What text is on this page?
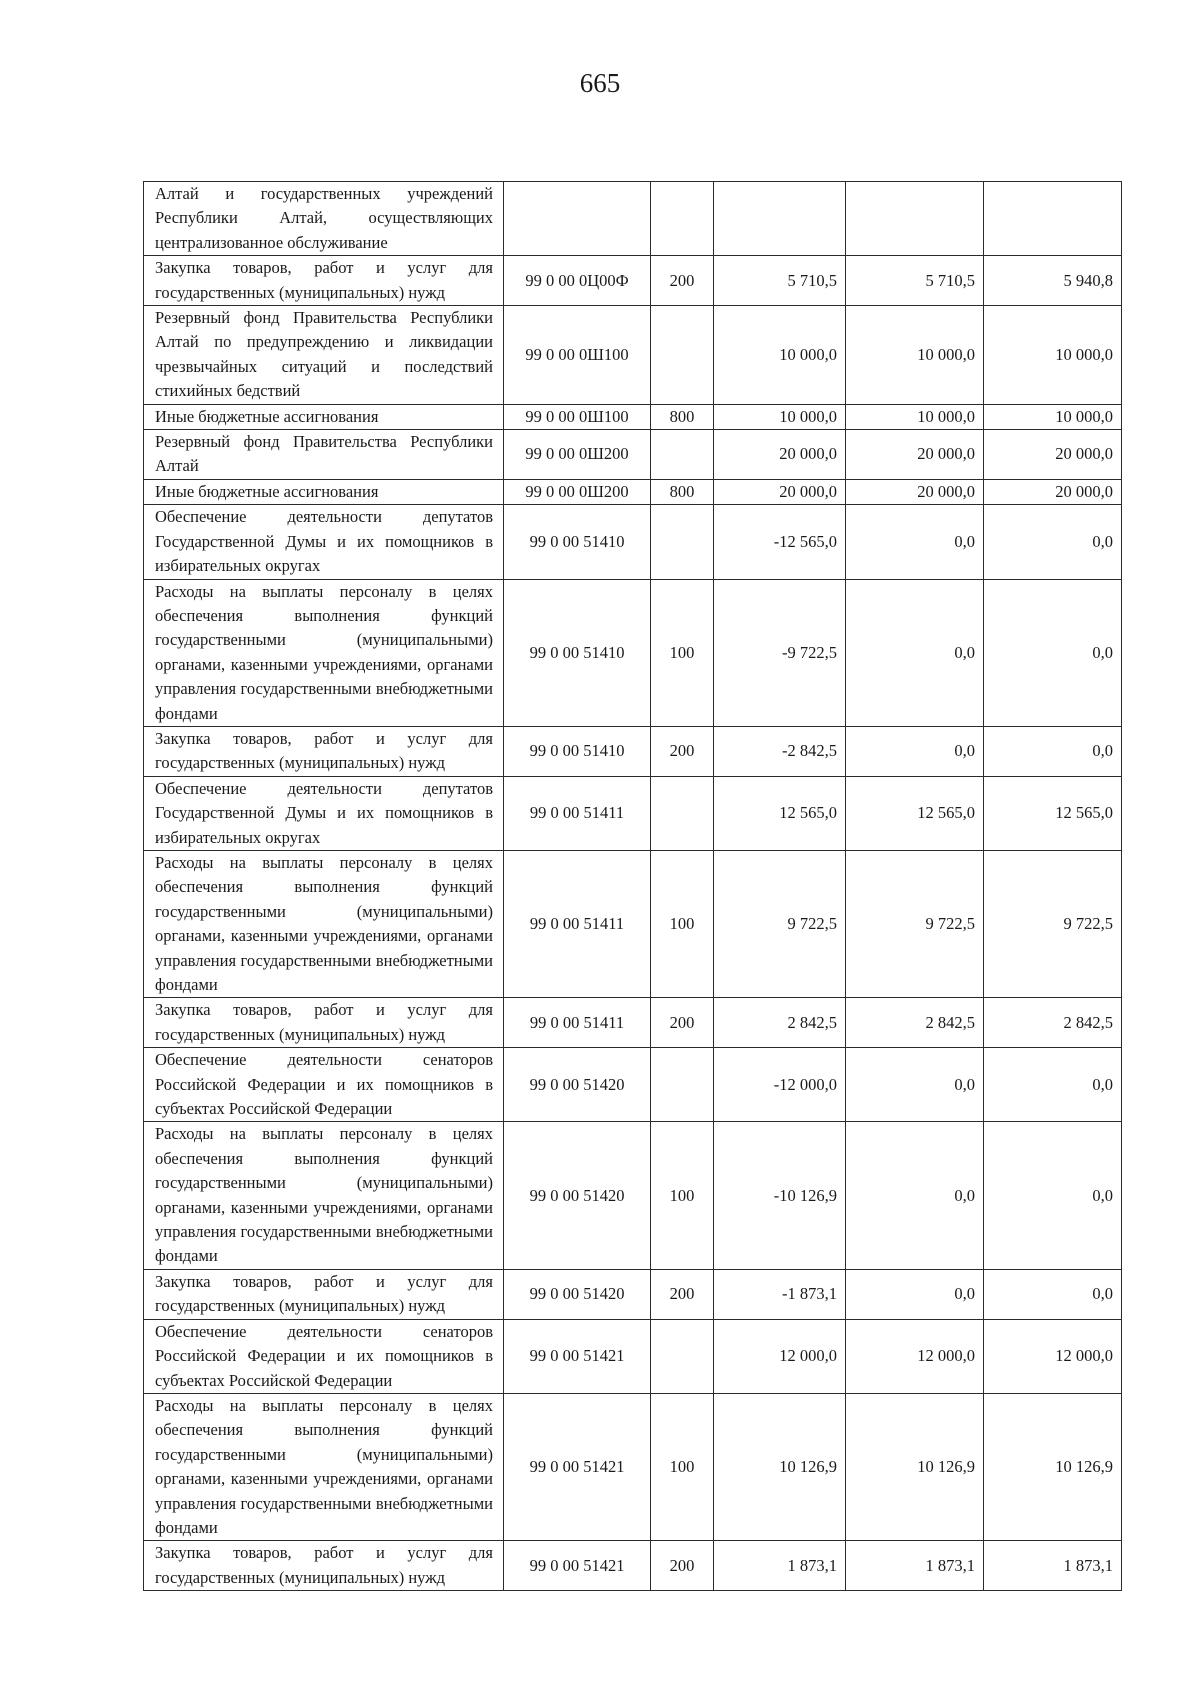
665
Алтай и государственных учреждений Республики Алтай, осуществляющих централизованное обслуживание					
Закупка товаров, работ и услуг для государственных (муниципальных) нужд	99 0 00 0Ц00Ф	200	5 710,5	5 710,5	5 940,8
Резервный фонд Правительства Республики Алтай по предупреждению и ликвидации чрезвычайных ситуаций и последствий стихийных бедствий	99 0 00 0Ш100		10 000,0	10 000,0	10 000,0
Иные бюджетные ассигнования	99 0 00 0Ш100	800	10 000,0	10 000,0	10 000,0
Резервный фонд Правительства Республики Алтай	99 0 00 0Ш200		20 000,0	20 000,0	20 000,0
Иные бюджетные ассигнования	99 0 00 0Ш200	800	20 000,0	20 000,0	20 000,0
Обеспечение деятельности депутатов Государственной Думы и их помощников в избирательных округах	99 0 00 51410		-12 565,0	0,0	0,0
Расходы на выплаты персоналу в целях обеспечения выполнения функций государственными (муниципальными) органами, казенными учреждениями, органами управления государственными внебюджетными фондами	99 0 00 51410	100	-9 722,5	0,0	0,0
Закупка товаров, работ и услуг для государственных (муниципальных) нужд	99 0 00 51410	200	-2 842,5	0,0	0,0
Обеспечение деятельности депутатов Государственной Думы и их помощников в избирательных округах	99 0 00 51411		12 565,0	12 565,0	12 565,0
Расходы на выплаты персоналу в целях обеспечения выполнения функций государственными (муниципальными) органами, казенными учреждениями, органами управления государственными внебюджетными фондами	99 0 00 51411	100	9 722,5	9 722,5	9 722,5
Закупка товаров, работ и услуг для государственных (муниципальных) нужд	99 0 00 51411	200	2 842,5	2 842,5	2 842,5
Обеспечение деятельности сенаторов Российской Федерации и их помощников в субъектах Российской Федерации	99 0 00 51420		-12 000,0	0,0	0,0
Расходы на выплаты персоналу в целях обеспечения выполнения функций государственными (муниципальными) органами, казенными учреждениями, органами управления государственными внебюджетными фондами	99 0 00 51420	100	-10 126,9	0,0	0,0
Закупка товаров, работ и услуг для государственных (муниципальных) нужд	99 0 00 51420	200	-1 873,1	0,0	0,0
Обеспечение деятельности сенаторов Российской Федерации и их помощников в субъектах Российской Федерации	99 0 00 51421		12 000,0	12 000,0	12 000,0
Расходы на выплаты персоналу в целях обеспечения выполнения функций государственными (муниципальными) органами, казенными учреждениями, органами управления государственными внебюджетными фондами	99 0 00 51421	100	10 126,9	10 126,9	10 126,9
Закупка товаров, работ и услуг для государственных (муниципальных) нужд	99 0 00 51421	200	1 873,1	1 873,1	1 873,1
